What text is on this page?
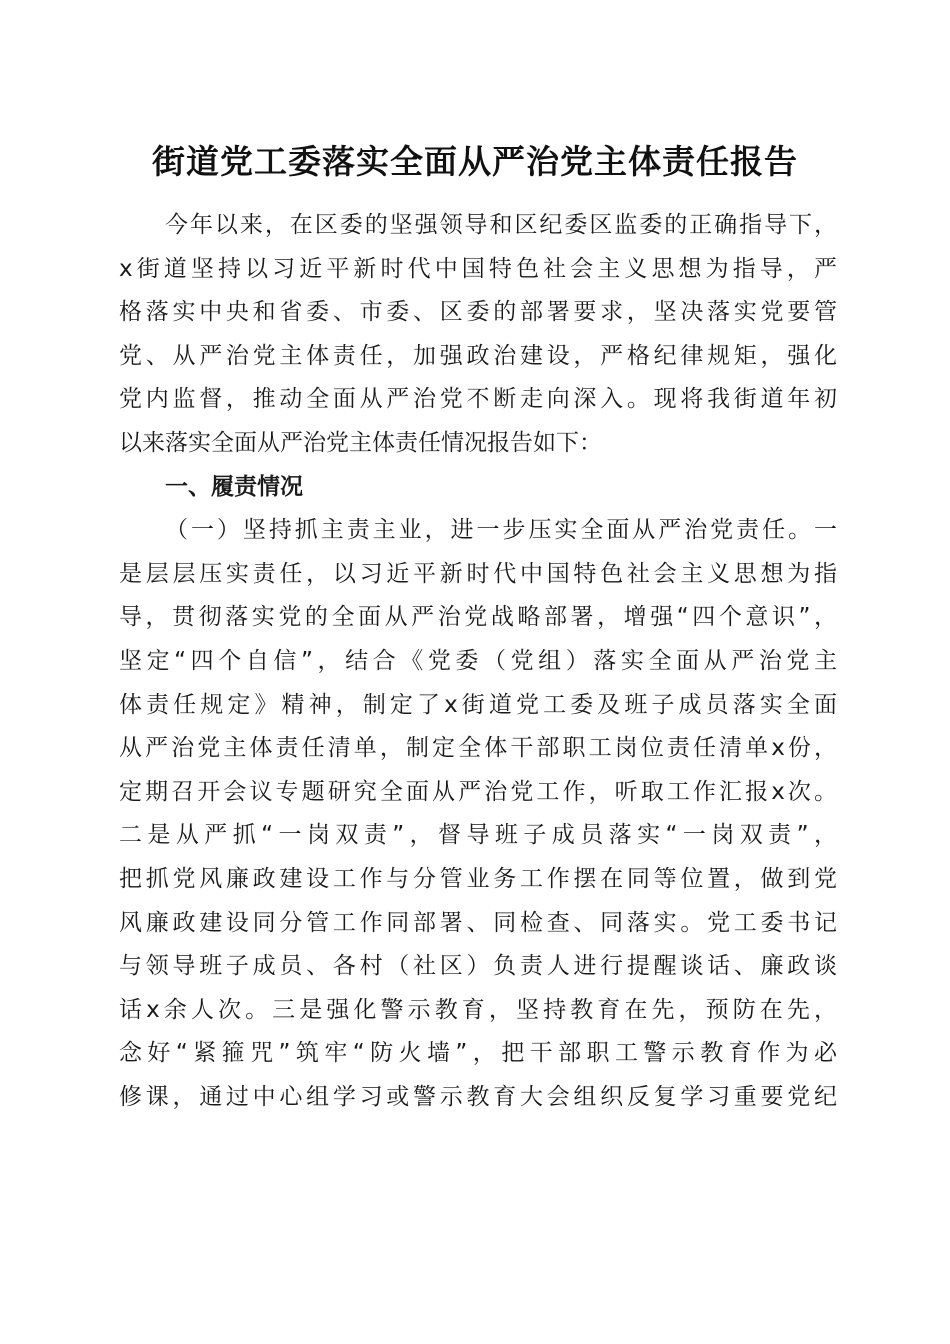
街道党工委落实全面从严治党主体责任报告
今年以来，在区委的坚强领导和区纪委区监委的正确指导下，
x街道坚持以习近平新时代中国特色社会主义思想为指导，严
格落实中央和省委、市委、区委的部署要求，坚决落实党要管
党、从严治党主体责任，加强政治建设，严格纪律规矩，强化
党内监督，推动全面从严治党不断走向深入。现将我街道年初
以来落实全面从严治党主体责任情况报告如下：
一、履责情况
（一）坚持抓主责主业，进一步压实全面从严治党责任。一
是层层压实责任，以习近平新时代中国特色社会主义思想为指
导，贯彻落实党的全面从严治党战略部署，增强“四个意识”，
坚定“四个自信”，结合《党委（党组）落实全面从严治党主
体责任规定》精神，制定了x街道党工委及班子成员落实全面
从严治党主体责任清单，制定全体干部职工岗位责任清单x份，
定期召开会议专题研究全面从严治党工作，听取工作汇报x次。
二是从严抓“一岗双责”，督导班子成员落实“一岗双责”，
把抓党风廉政建设工作与分管业务工作摆在同等位置，做到党
风廉政建设同分管工作同部署、同检查、同落实。党工委书记
与领导班子成员、各村（社区）负责人进行提醒谈话、廉政谈
话x余人次。三是强化警示教育，坚持教育在先，预防在先，
念好“紧箍咒”筑牢“防火墙”，把干部职工警示教育作为必
修课，通过中心组学习或警示教育大会组织反复学习重要党纪
